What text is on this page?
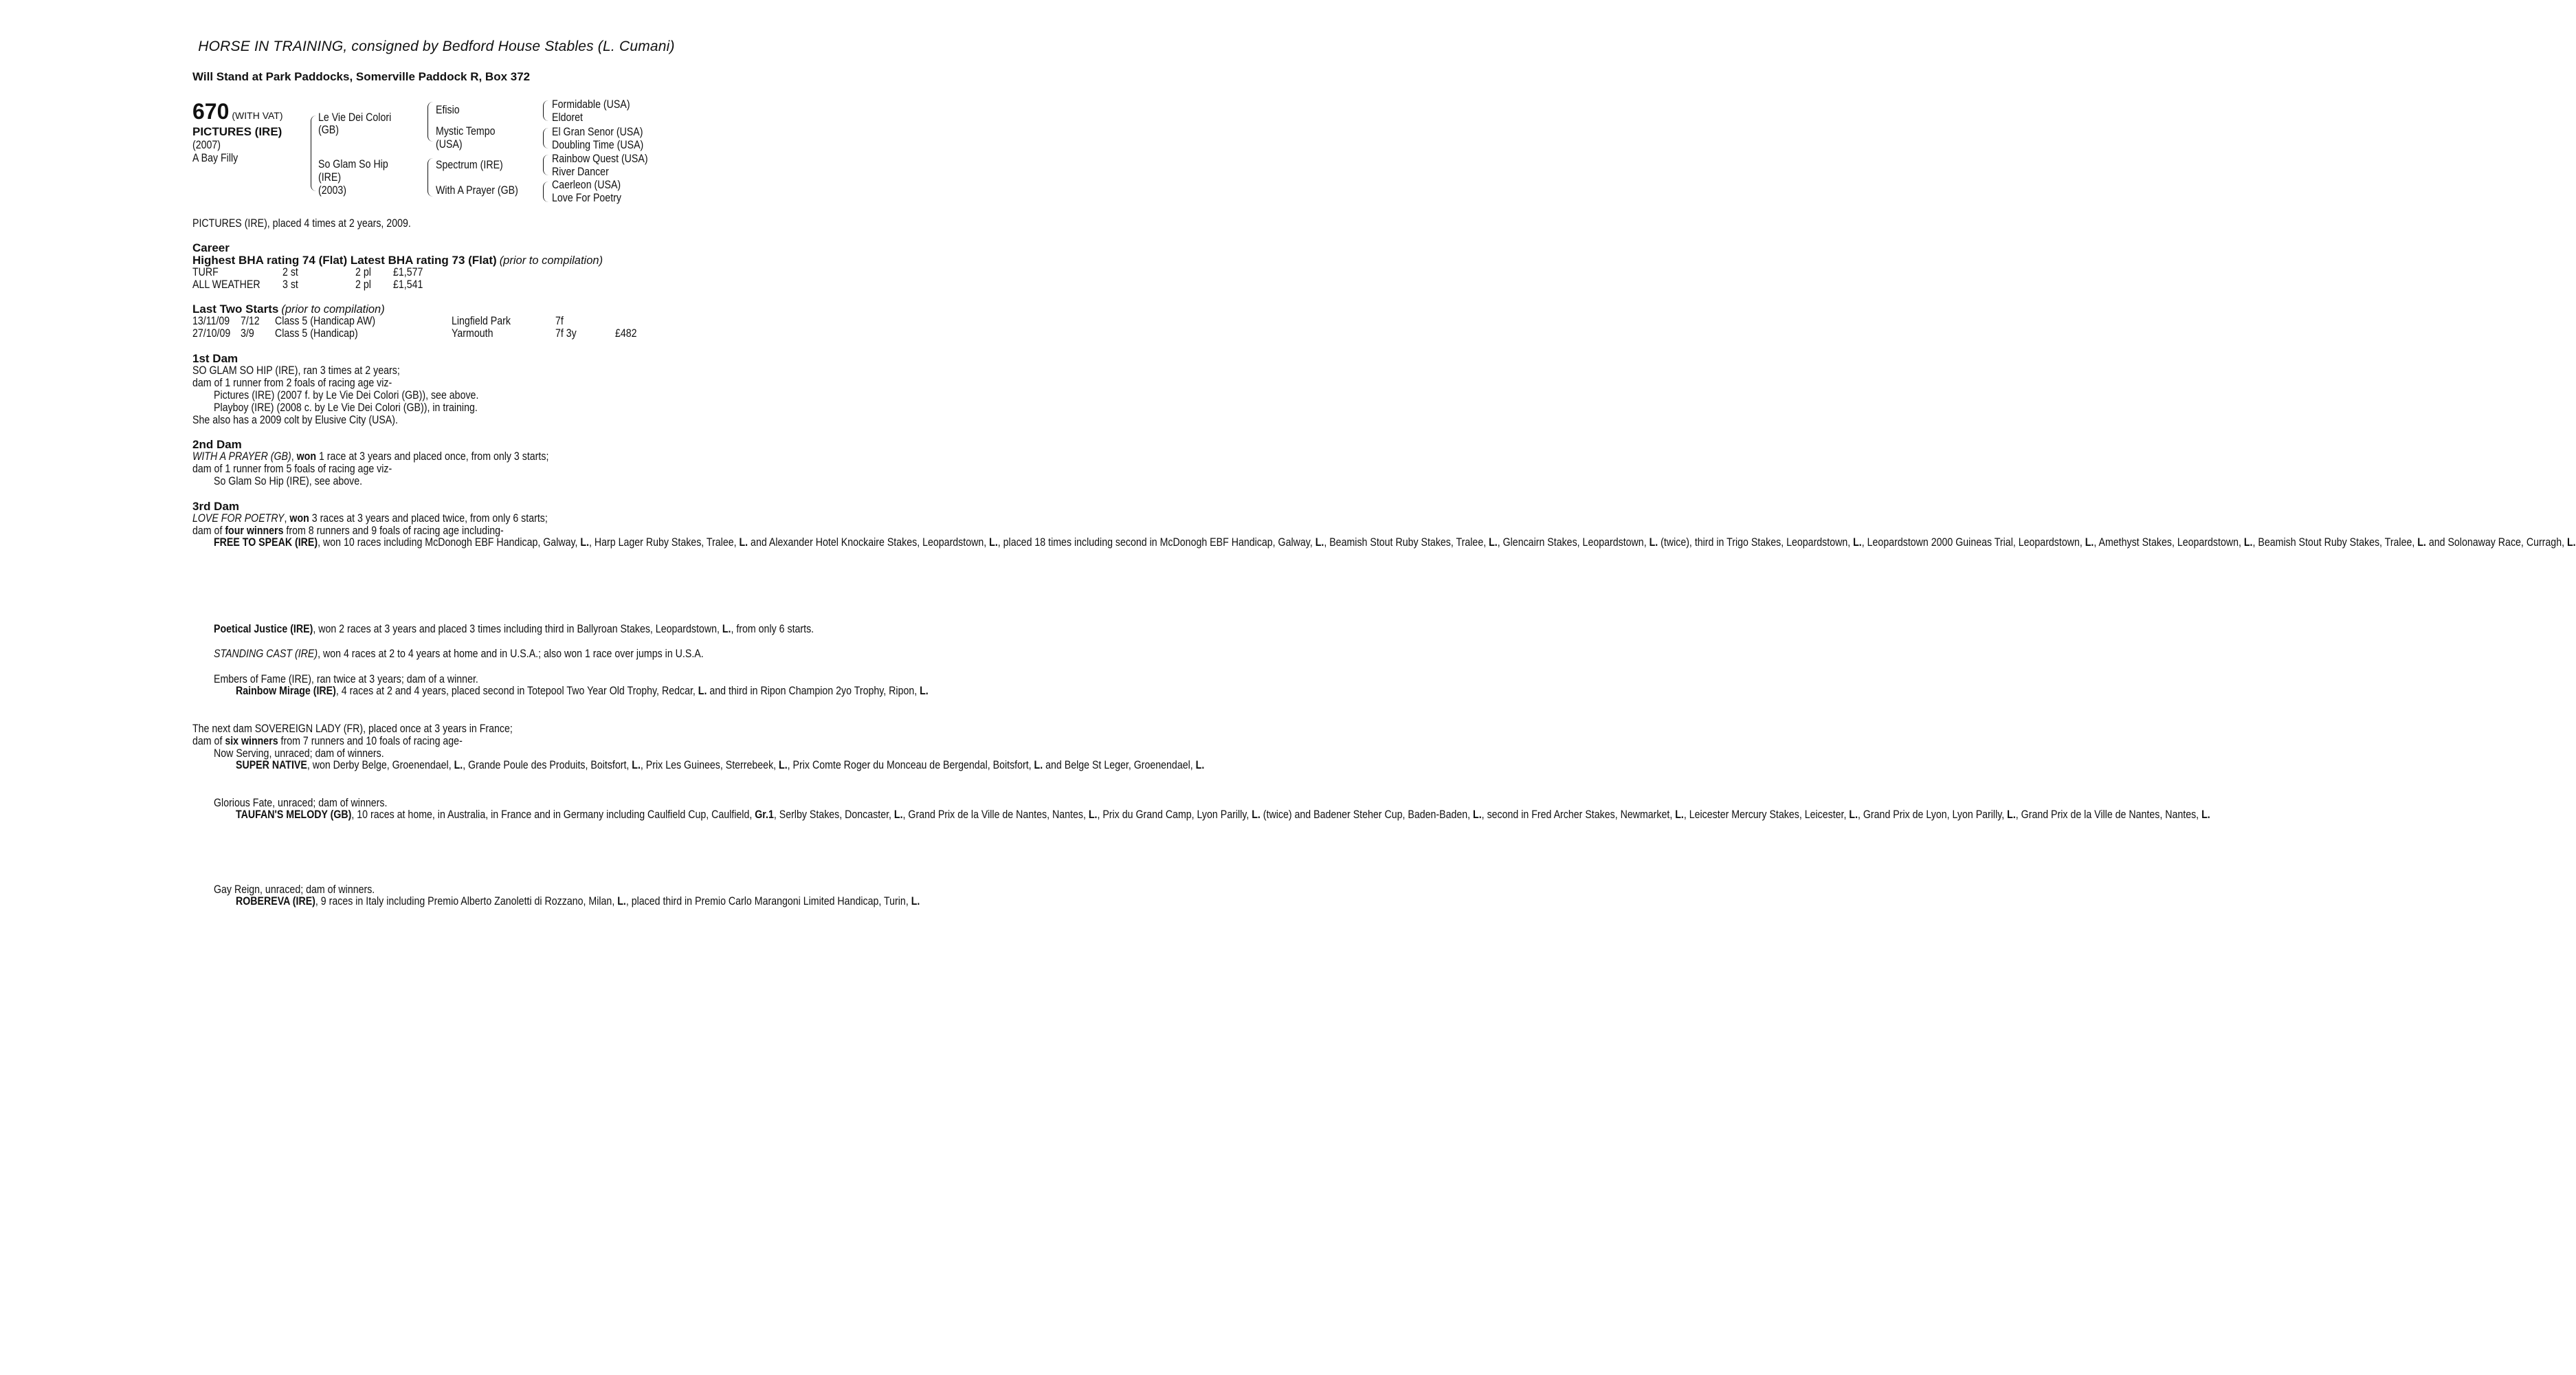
HORSE IN TRAINING, consigned by Bedford House Stables (L. Cumani)
Will Stand at Park Paddocks, Somerville Paddock R, Box 372
670 (WITH VAT)
PICTURES (IRE)
(2007)
A Bay Filly
Le Vie Dei Colori
(GB)
So Glam So Hip
(IRE)
(2003)
Efisio
Mystic Tempo
(USA)
Spectrum (IRE)
With A Prayer (GB)
Formidable (USA)
Eldoret
El Gran Senor (USA)
Doubling Time (USA)
Rainbow Quest (USA)
River Dancer
Caerleon (USA)
Love For Poetry
PICTURES (IRE), placed 4 times at 2 years, 2009.
Career
Highest BHA rating 74 (Flat) Latest BHA rating 73 (Flat) (prior to compilation)
TURF	2 st	2 pl £1,577
ALL WEATHER 3 st	2 pl £1,541
Last Two Starts (prior to compilation)
13/11/09 7/12 Class 5 (Handicap AW)	Lingfield Park	7f
27/10/09 3/9 Class 5 (Handicap)	Yarmouth	7f 3y	£482
1st Dam
SO GLAM SO HIP (IRE), ran 3 times at 2 years;
dam of 1 runner from 2 foals of racing age viz-
Pictures (IRE) (2007 f. by Le Vie Dei Colori (GB)), see above.
Playboy (IRE) (2008 c. by Le Vie Dei Colori (GB)), in training.
She also has a 2009 colt by Elusive City (USA).
2nd Dam
WITH A PRAYER (GB), won 1 race at 3 years and placed once, from only 3 starts;
dam of 1 runner from 5 foals of racing age viz-
So Glam So Hip (IRE), see above.
3rd Dam
LOVE FOR POETRY, won 3 races at 3 years and placed twice, from only 6 starts;
dam of four winners from 8 runners and 9 foals of racing age including-
FREE TO SPEAK (IRE), won 10 races including McDonogh EBF Handicap, Galway, L., Harp Lager Ruby Stakes, Tralee, L. and Alexander Hotel Knockaire Stakes, Leopardstown, L., placed 18 times including second in McDonogh EBF Handicap, Galway, L., Beamish Stout Ruby Stakes, Tralee, L., Glencairn Stakes, Leopardstown, L. (twice), third in Trigo Stakes, Leopardstown, L., Leopardstown 2000 Guineas Trial, Leopardstown, L., Amethyst Stakes, Leopardstown, L., Beamish Stout Ruby Stakes, Tralee, L. and Solonaway Race, Curragh, L.
Poetical Justice (IRE), won 2 races at 3 years and placed 3 times including third in Ballyroan Stakes, Leopardstown, L., from only 6 starts.
STANDING CAST (IRE), won 4 races at 2 to 4 years at home and in U.S.A.; also won 1 race over jumps in U.S.A.
Embers of Fame (IRE), ran twice at 3 years; dam of a winner.
Rainbow Mirage (IRE), 4 races at 2 and 4 years, placed second in Totepool Two Year Old Trophy, Redcar, L. and third in Ripon Champion 2yo Trophy, Ripon, L.
The next dam SOVEREIGN LADY (FR), placed once at 3 years in France;
dam of six winners from 7 runners and 10 foals of racing age-
Now Serving, unraced; dam of winners.
SUPER NATIVE, won Derby Belge, Groenendael, L., Grande Poule des Produits, Boitsfort, L., Prix Les Guinees, Sterrebeek, L., Prix Comte Roger du Monceau de Bergendal, Boitsfort, L. and Belge St Leger, Groenendael, L.
Glorious Fate, unraced; dam of winners.
TAUFAN'S MELODY (GB), 10 races at home, in Australia, in France and in Germany including Caulfield Cup, Caulfield, Gr.1, Serlby Stakes, Doncaster, L., Grand Prix de la Ville de Nantes, Nantes, L., Prix du Grand Camp, Lyon Parilly, L. (twice) and Badener Steher Cup, Baden-Baden, L., second in Fred Archer Stakes, Newmarket, L., Leicester Mercury Stakes, Leicester, L., Grand Prix de Lyon, Lyon Parilly, L., Grand Prix de la Ville de Nantes, Nantes, L.
Gay Reign, unraced; dam of winners.
ROBEREVA (IRE), 9 races in Italy including Premio Alberto Zanoletti di Rozzano, Milan, L., placed third in Premio Carlo Marangoni Limited Handicap, Turin, L.
